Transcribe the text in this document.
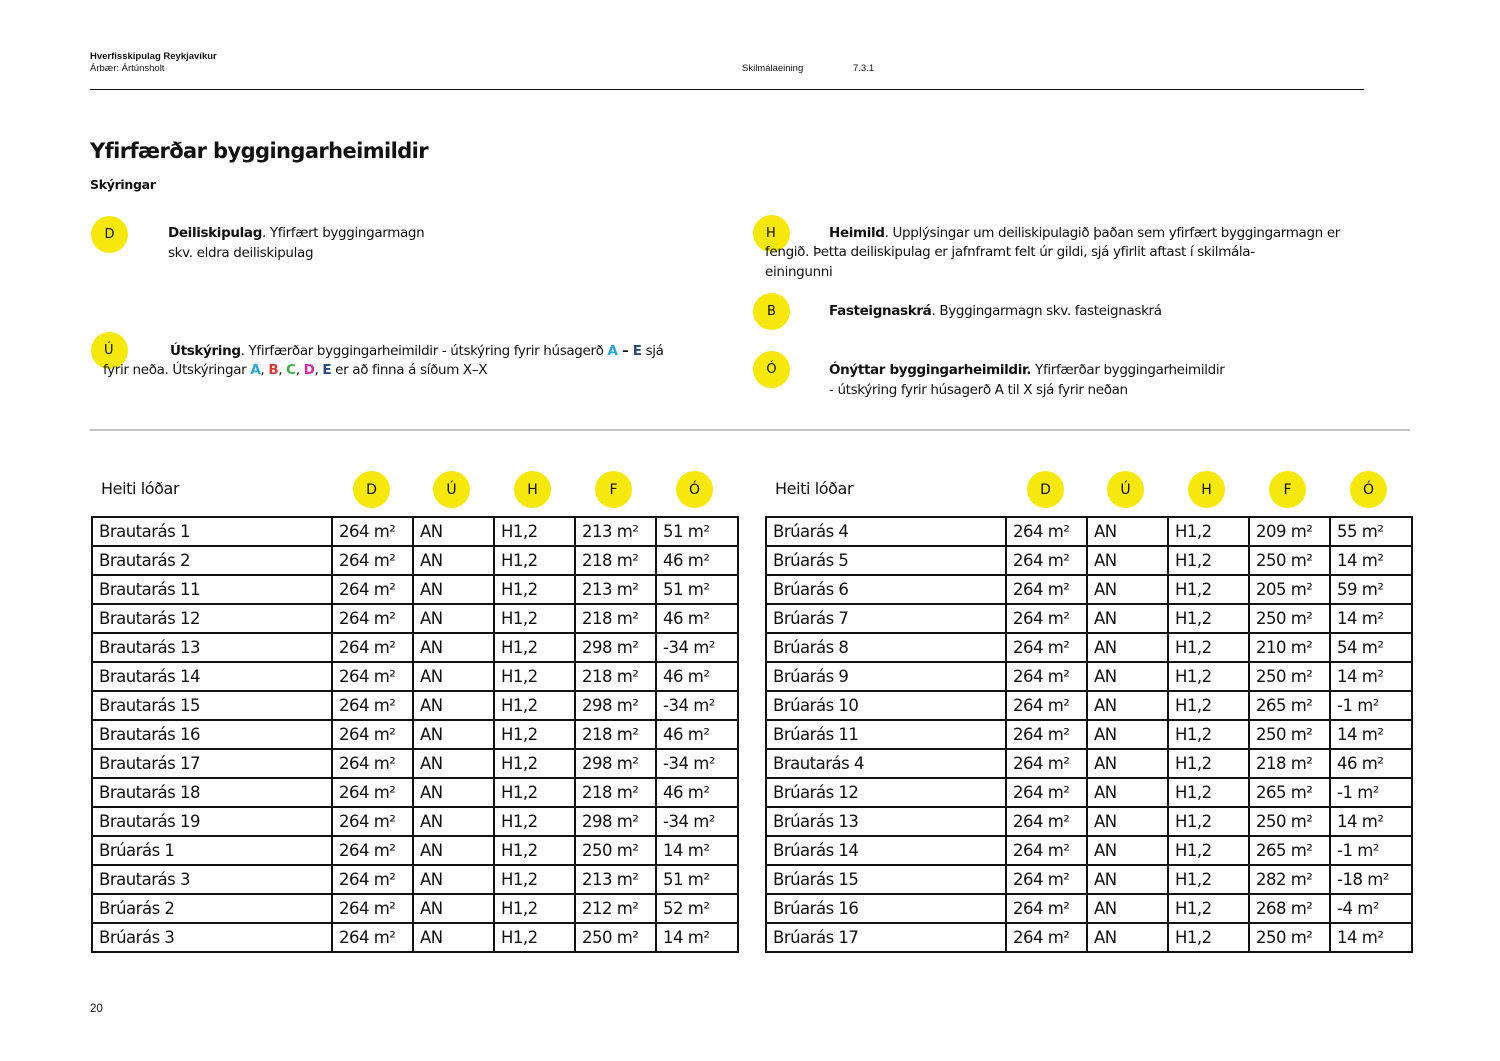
Hverfisskipulag Reykjavíkur
Árbær: Ártúnsholt	Skilmálaeining	7.3.1
Yfirfærðar byggingarheimildir
Skýringar
D	Deiliskipulag. Yfirfært byggingarmagn
skv. eldra deiliskipulag
Ú	Útskýring. Yfirfærðar byggingarheimildir - útskýring fyrir húsagerð A – E sjá
fyrir neða. Útskýringar A, B, C, D, E er að finna á síðum X–X
H	Heimild. Upplýsingar um deiliskipulagið þaðan sem yfirfært byggingarmagn er
fengið. Þetta deiliskipulag er jafnframt felt úr gildi, sjá yfirlit aftast í skilmála-
einingunni
B	Fasteignaskrá. Byggingarmagn skv. fasteignaskrá
Ó	Ónýttar byggingarheimildir. Yfirfærðar byggingarheimildir
- útskýring fyrir húsagerð A til X sjá fyrir neðan
Heiti lóðar	D	Ú	H	F	Ó
Brautarás 1	264 m²	AN	H1,2	213 m²	51 m²
Brautarás 2	264 m²	AN	H1,2	218 m²	46 m²
Brautarás 11	264 m²	AN	H1,2	213 m²	51 m²
Brautarás 12	264 m²	AN	H1,2	218 m²	46 m²
Brautarás 13	264 m²	AN	H1,2	298 m²	-34 m²
Brautarás 14	264 m²	AN	H1,2	218 m²	46 m²
Brautarás 15	264 m²	AN	H1,2	298 m²	-34 m²
Brautarás 16	264 m²	AN	H1,2	218 m²	46 m²
Brautarás 17	264 m²	AN	H1,2	298 m²	-34 m²
Brautarás 18	264 m²	AN	H1,2	218 m²	46 m²
Brautarás 19	264 m²	AN	H1,2	298 m²	-34 m²
Brúarás 1	264 m²	AN	H1,2	250 m²	14 m²
Brautarás 3	264 m²	AN	H1,2	213 m²	51 m²
Brúarás 2	264 m²	AN	H1,2	212 m²	52 m²
Brúarás 3	264 m²	AN	H1,2	250 m²	14 m²
Heiti lóðar	D	Ú	H	F	Ó
Brúarás 4	264 m²	AN	H1,2	209 m²	55 m²
Brúarás 5	264 m²	AN	H1,2	250 m²	14 m²
Brúarás 6	264 m²	AN	H1,2	205 m²	59 m²
Brúarás 7	264 m²	AN	H1,2	250 m²	14 m²
Brúarás 8	264 m²	AN	H1,2	210 m²	54 m²
Brúarás 9	264 m²	AN	H1,2	250 m²	14 m²
Brúarás 10	264 m²	AN	H1,2	265 m²	-1 m²
Brúarás 11	264 m²	AN	H1,2	250 m²	14 m²
Brautarás 4	264 m²	AN	H1,2	218 m²	46 m²
Brúarás 12	264 m²	AN	H1,2	265 m²	-1 m²
Brúarás 13	264 m²	AN	H1,2	250 m²	14 m²
Brúarás 14	264 m²	AN	H1,2	265 m²	-1 m²
Brúarás 15	264 m²	AN	H1,2	282 m²	-18 m²
Brúarás 16	264 m²	AN	H1,2	268 m²	-4 m²
Brúarás 17	264 m²	AN	H1,2	250 m²	14 m²
20
